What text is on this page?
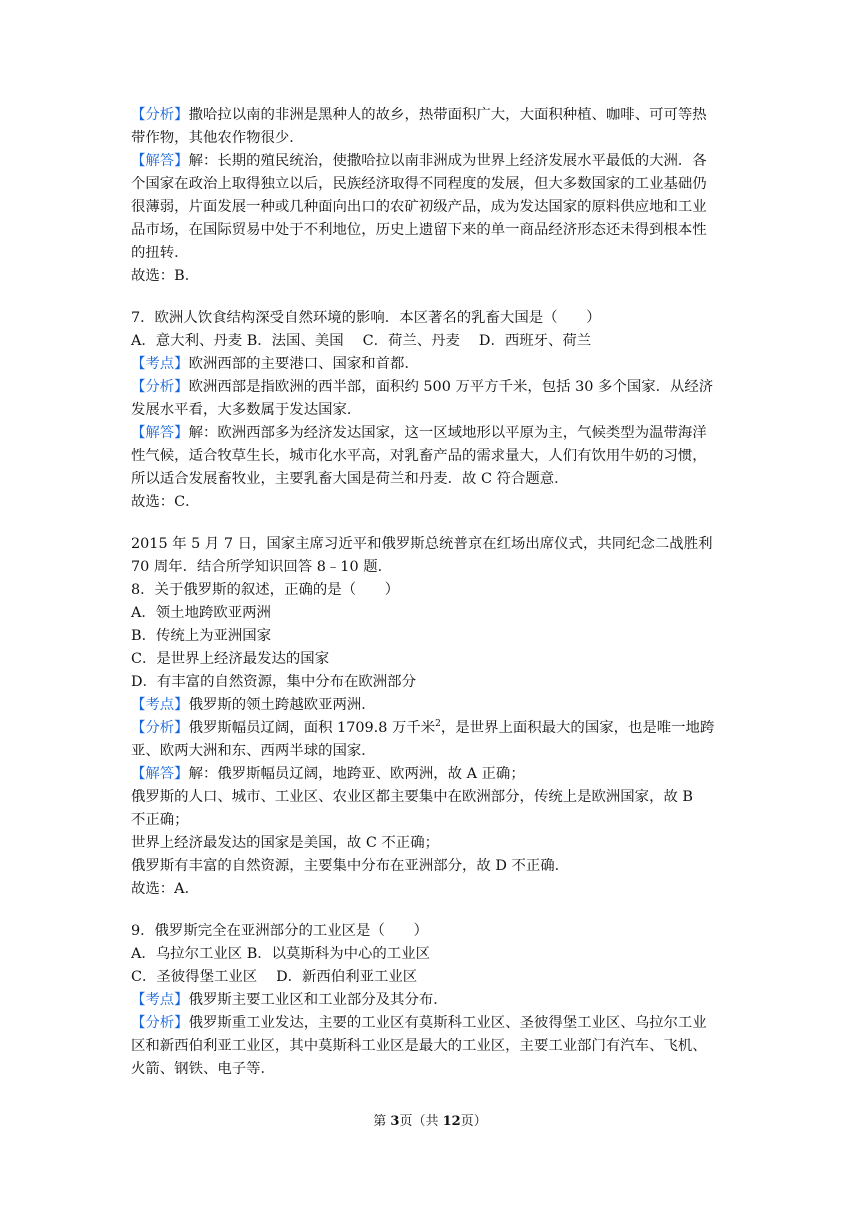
【分析】撒哈拉以南的非洲是黑种人的故乡，热带面积广大，大面积种植、咖啡、可可等热
带作物，其他农作物很少．
【解答】解：长期的殖民统治，使撒哈拉以南非洲成为世界上经济发展水平最低的大洲．各
个国家在政治上取得独立以后，民族经济取得不同程度的发展，但大多数国家的工业基础仍
很薄弱，片面发展一种或几种面向出口的农矿初级产品，成为发达国家的原料供应地和工业
品市场，在国际贸易中处于不利地位，历史上遗留下来的单一商品经济形态还未得到根本性
的扭转．
故选：B．
7．欧洲人饮食结构深受自然环境的影响．本区著名的乳畜大国是（　　）
A．意大利、丹麦 B．法国、美国　 C．荷兰、丹麦　 D．西班牙、荷兰
【考点】欧洲西部的主要港口、国家和首都．
【分析】欧洲西部是指欧洲的西半部，面积约 500 万平方千米，包括 30 多个国家．从经济
发展水平看，大多数属于发达国家．
【解答】解：欧洲西部多为经济发达国家，这一区域地形以平原为主，气候类型为温带海洋
性气候，适合牧草生长，城市化水平高，对乳畜产品的需求量大，人们有饮用牛奶的习惯，
所以适合发展畜牧业，主要乳畜大国是荷兰和丹麦．故 C 符合题意．
故选：C．
2015 年 5 月 7 日，国家主席习近平和俄罗斯总统普京在红场出席仪式，共同纪念二战胜利
70 周年．结合所学知识回答 8﹣10 题．
8．关于俄罗斯的叙述，正确的是（　　）
A．领土地跨欧亚两洲
B．传统上为亚洲国家
C．是世界上经济最发达的国家
D．有丰富的自然资源，集中分布在欧洲部分
【考点】俄罗斯的领土跨越欧亚两洲．
【分析】俄罗斯幅员辽阔，面积 1709.8 万千米$^2$，是世界上面积最大的国家，也是唯一地跨
亚、欧两大洲和东、西两半球的国家．
【解答】解：俄罗斯幅员辽阔，地跨亚、欧两洲，故 A 正确；
俄罗斯的人口、城市、工业区、农业区都主要集中在欧洲部分，传统上是欧洲国家，故 B
不正确；
世界上经济最发达的国家是美国，故 C 不正确；
俄罗斯有丰富的自然资源，主要集中分布在亚洲部分，故 D 不正确．
故选：A．
9．俄罗斯完全在亚洲部分的工业区是（　　）
A．乌拉尔工业区 B．以莫斯科为中心的工业区
C．圣彼得堡工业区　 D．新西伯利亚工业区
【考点】俄罗斯主要工业区和工业部分及其分布．
【分析】俄罗斯重工业发达，主要的工业区有莫斯科工业区、圣彼得堡工业区、乌拉尔工业
区和新西伯利亚工业区，其中莫斯科工业区是最大的工业区，主要工业部门有汽车、飞机、
火箭、钢铁、电子等．
第 3页（共 12页）
